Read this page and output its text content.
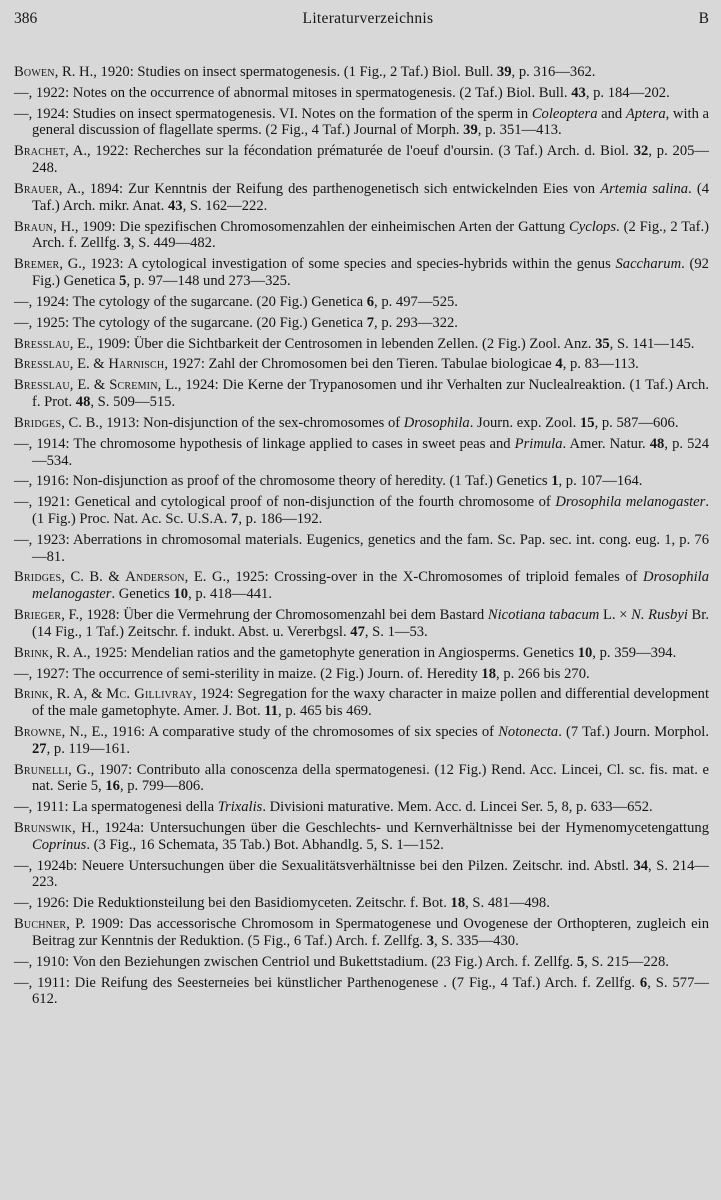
386	Literaturverzeichnis	B

Bowen, R. H., 1920: Studies on insect spermatogenesis. (1 Fig., 2 Taf.) Biol. Bull. 39, p. 316—362.

—, 1922: Notes on the occurrence of abnormal mitoses in spermatogenesis. (2 Taf.) Biol. Bull. 43, p. 184—202.

—, 1924: Studies on insect spermatogenesis. VI. Notes on the formation of the sperm in Coleoptera and Aptera, with a general discussion of flagellate sperms. (2 Fig., 4 Taf.) Journal of Morph. 39, p. 351—413.

Brachet, A., 1922: Recherches sur la fécondation prématurée de l'oeuf d'oursin. (3 Taf.) Arch. d. Biol. 32, p. 205—248.

Brauer, A., 1894: Zur Kenntnis der Reifung des parthenogenetisch sich entwickelnden Eies von Artemia salina. (4 Taf.) Arch. mikr. Anat. 43, S. 162—222.

Braun, H., 1909: Die spezifischen Chromosomenzahlen der einheimischen Arten der Gattung Cyclops. (2 Fig., 2 Taf.) Arch. f. Zellfg. 3, S. 449—482.

Bremer, G., 1923: A cytological investigation of some species and species-hybrids within the genus Saccharum. (92 Fig.) Genetica 5, p. 97—148 und 273—325.

—, 1924: The cytology of the sugarcane. (20 Fig.) Genetica 6, p. 497—525.

—, 1925: The cytology of the sugarcane. (20 Fig.) Genetica 7, p. 293—322.

Bresslau, E., 1909: Über die Sichtbarkeit der Centrosomen in lebenden Zellen. (2 Fig.) Zool. Anz. 35, S. 141—145.

Bresslau, E. & Harnisch, 1927: Zahl der Chromosomen bei den Tieren. Tabulae biologicae 4, p. 83—113.

Bresslau, E. & Scremin, L., 1924: Die Kerne der Trypanosomen und ihr Verhalten zur Nuclealreaktion. (1 Taf.) Arch. f. Prot. 48, S. 509—515.

Bridges, C. B., 1913: Non-disjunction of the sex-chromosomes of Drosophila. Journ. exp. Zool. 15, p. 587—606.

—, 1914: The chromosome hypothesis of linkage applied to cases in sweet peas and Primula. Amer. Natur. 48, p. 524—534.

—, 1916: Non-disjunction as proof of the chromosome theory of heredity. (1 Taf.) Genetics 1, p. 107—164.

—, 1921: Genetical and cytological proof of non-disjunction of the fourth chromosome of Drosophila melanogaster. (1 Fig.) Proc. Nat. Ac. Sc. U.S.A. 7, p. 186—192.

—, 1923: Aberrations in chromosomal materials. Eugenics, genetics and the fam. Sc. Pap. sec. int. cong. eug. 1, p. 76—81.

Bridges, C. B. & Anderson, E. G., 1925: Crossing-over in the X-Chromosomes of triploid females of Drosophila melanogaster. Genetics 10, p. 418—441.

Brieger, F., 1928: Über die Vermehrung der Chromosomenzahl bei dem Bastard Nicotiana tabacum L. × N. Rusbyi Br. (14 Fig., 1 Taf.) Zeitschr. f. indukt. Abst. u. Vererbgsl. 47, S. 1—53.

Brink, R. A., 1925: Mendelian ratios and the gametophyte generation in Angiosperms. Genetics 10, p. 359—394.

—, 1927: The occurrence of semi-sterility in maize. (2 Fig.) Journ. of. Heredity 18, p. 266 bis 270.

Brink, R. A, & Mc. Gillivray, 1924: Segregation for the waxy character in maize pollen and differential development of the male gametophyte. Amer. J. Bot. 11, p. 465 bis 469.

Browne, N., E., 1916: A comparative study of the chromosomes of six species of Notonecta. (7 Taf.) Journ. Morphol. 27, p. 119—161.

Brunelli, G., 1907: Contributo alla conoscenza della spermatogenesi. (12 Fig.) Rend. Acc. Lincei, Cl. sc. fis. mat. e nat. Serie 5, 16, p. 799—806.

—, 1911: La spermatogenesi della Trixalis. Divisioni maturative. Mem. Acc. d. Lincei Ser. 5, 8, p. 633—652.

Brunswik, H., 1924a: Untersuchungen über die Geschlechts- und Kernverhältnisse bei der Hymenomycetengattung Coprinus. (3 Fig., 16 Schemata, 35 Tab.) Bot. Abhandlg. 5, S. 1—152.

—, 1924b: Neuere Untersuchungen über die Sexualitätsverhältnisse bei den Pilzen. Zeitschr. ind. Abstl. 34, S. 214—223.

—, 1926: Die Reduktionsteilung bei den Basidiomyceten. Zeitschr. f. Bot. 18, S. 481—498.

Buchner, P. 1909: Das accessorische Chromosom in Spermatogenese und Ovogenese der Orthopteren, zugleich ein Beitrag zur Kenntnis der Reduktion. (5 Fig., 6 Taf.) Arch. f. Zellfg. 3, S. 335—430.

—, 1910: Von den Beziehungen zwischen Centriol und Bukettstadium. (23 Fig.) Arch. f. Zellfg. 5, S. 215—228.

—, 1911: Die Reifung des Seesterneies bei künstlicher Parthenogenese . (7 Fig., 4 Taf.) Arch. f. Zellfg. 6, S. 577—612.
